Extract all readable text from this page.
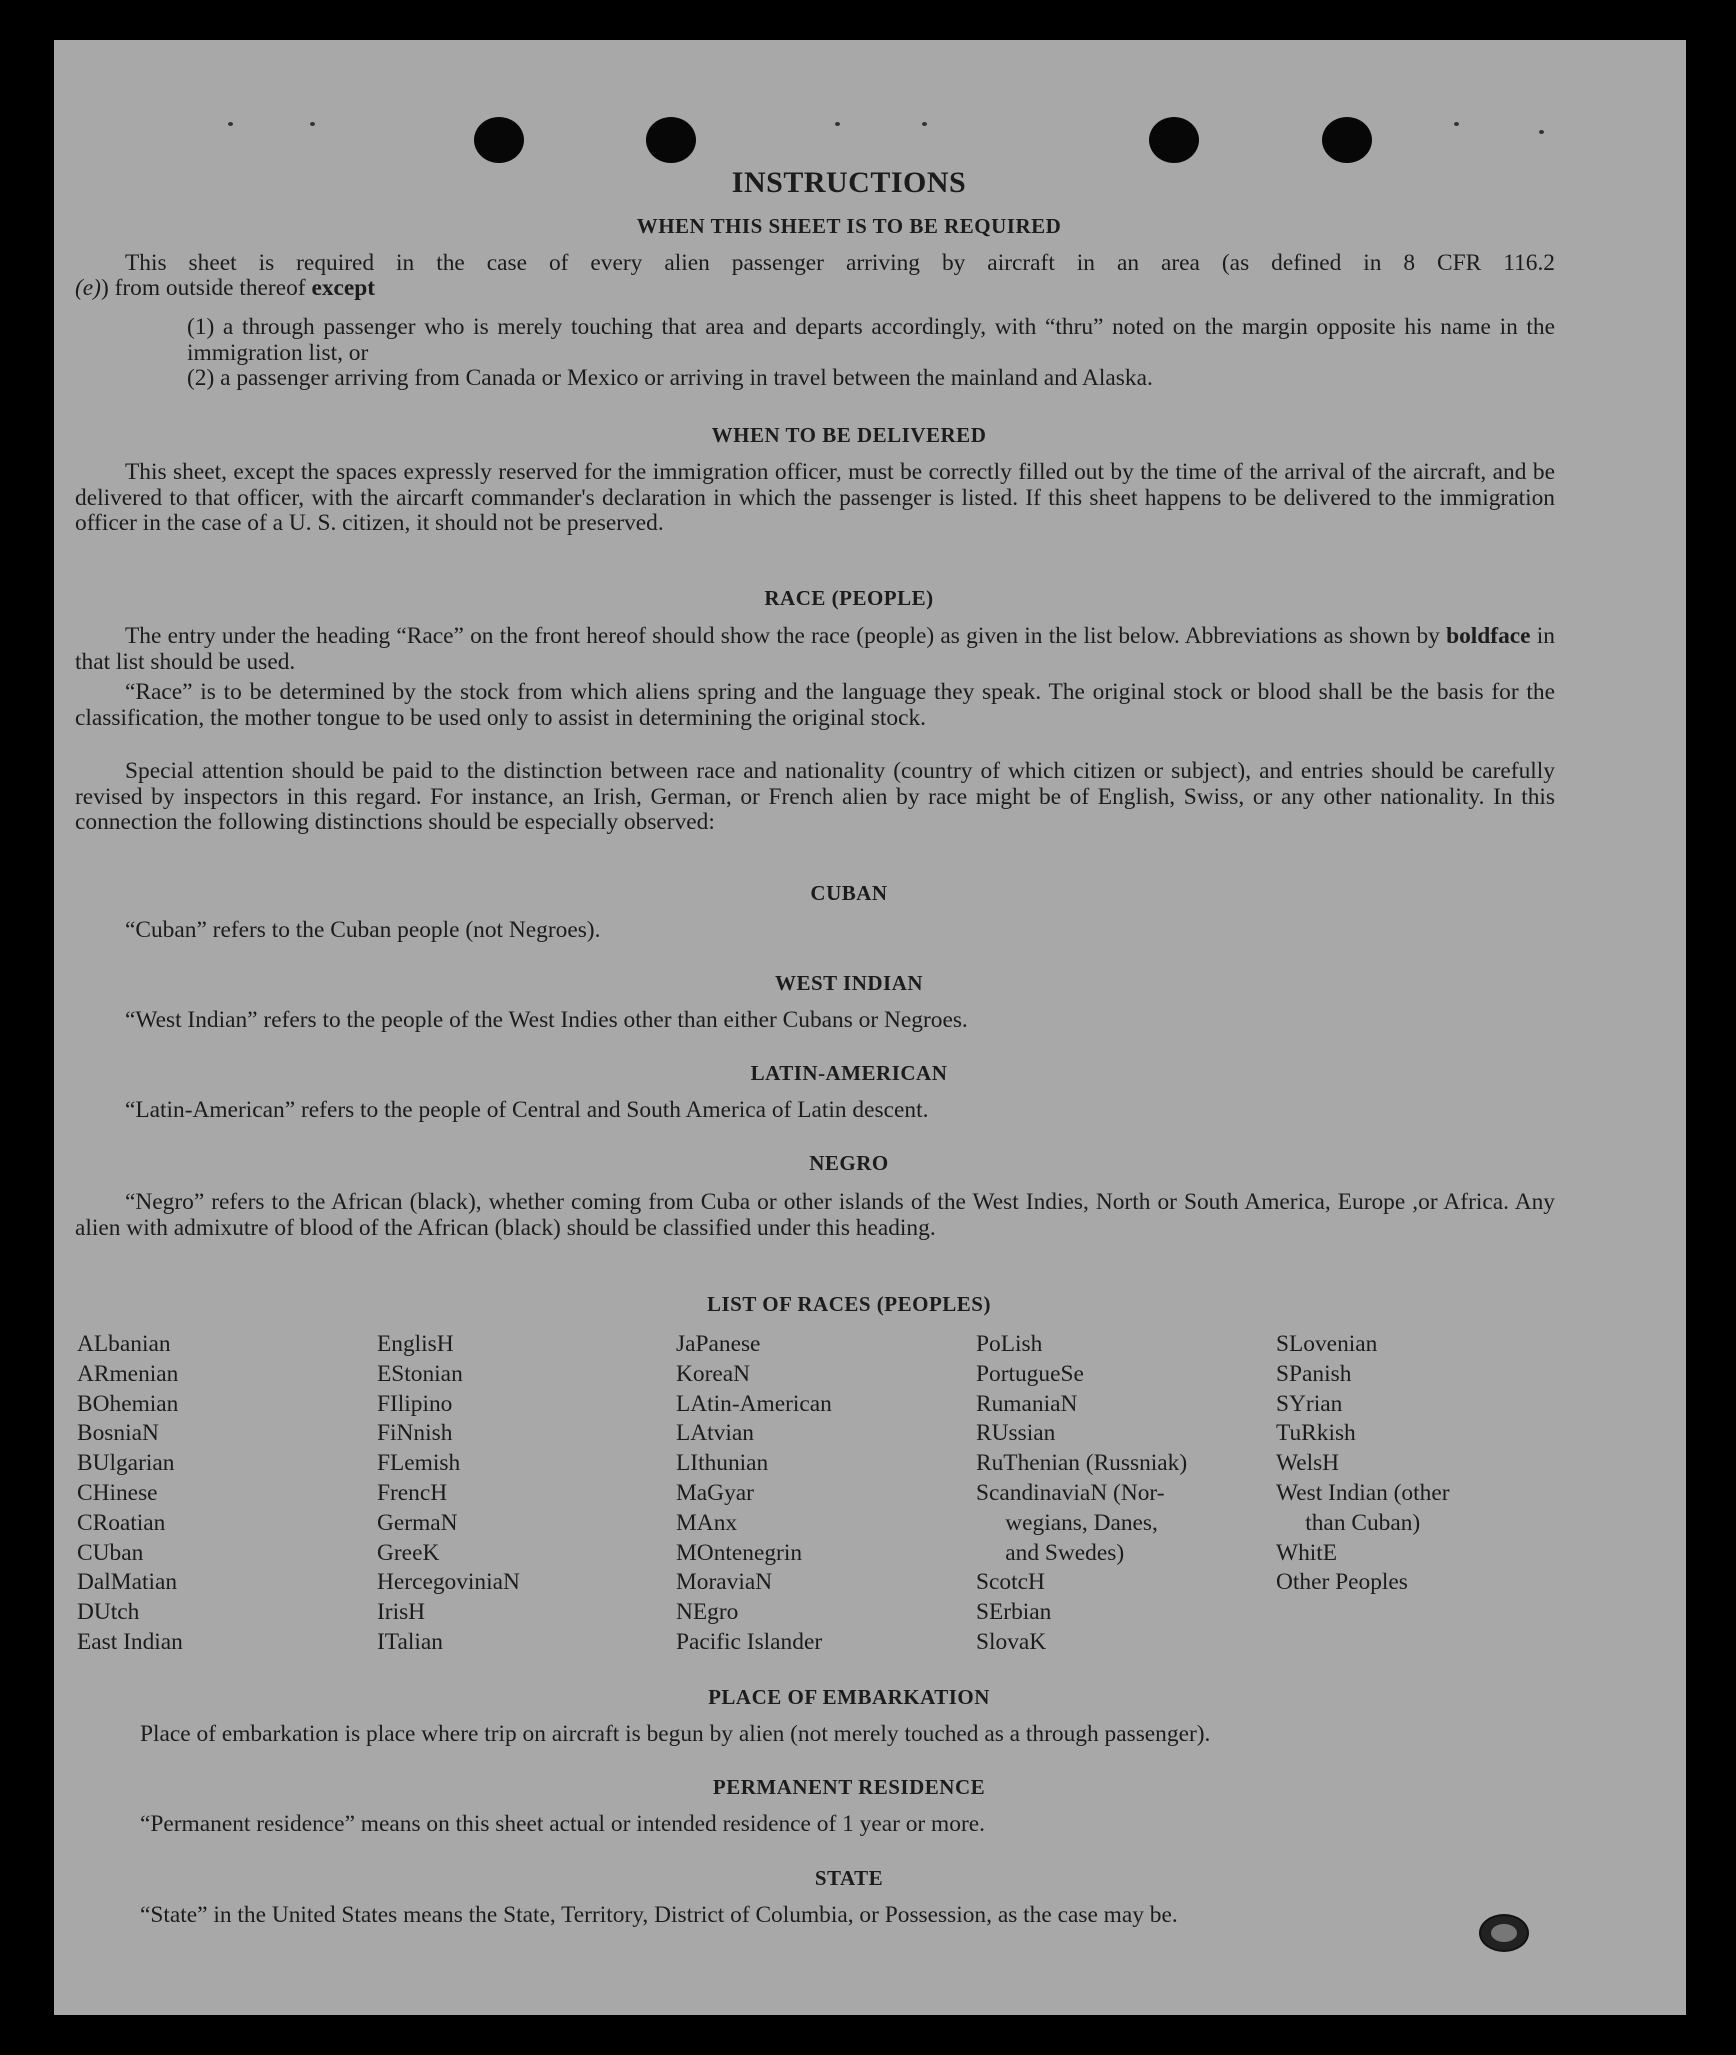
INSTRUCTIONS
WHEN THIS SHEET IS TO BE REQUIRED

This sheet is required in the case of every alien passenger arriving by aircraft in an area (as defined in 8 CFR 116.2

(e)) from outside thereof except

(1) a through passenger who is merely touching that area and departs accordingly, with “thru” noted on the margin opposite his name in the immigration list, or

(2) a passenger arriving from Canada or Mexico or arriving in travel between the mainland and Alaska.

WHEN TO BE DELIVERED

This sheet, except the spaces expressly reserved for the immigration officer, must be correctly filled out by the time of the arrival of the aircraft, and be delivered to that officer, with the aircarft commander's declaration in which the passenger is listed. If this sheet happens to be delivered to the immigration officer in the case of a U. S. citizen, it should not be preserved.

RACE (PEOPLE)

The entry under the heading “Race” on the front hereof should show the race (people) as given in the list below. Abbreviations as shown by boldface in that list should be used.

“Race” is to be determined by the stock from which aliens spring and the language they speak. The original stock or blood shall be the basis for the classification, the mother tongue to be used only to assist in determining the original stock.

Special attention should be paid to the distinction between race and nationality (country of which citizen or subject), and entries should be carefully revised by inspectors in this regard. For instance, an Irish, German, or French alien by race might be of English, Swiss, or any other nationality. In this connection the following distinctions should be especially observed:

CUBAN

“Cuban” refers to the Cuban people (not Negroes).

WEST INDIAN

“West Indian” refers to the people of the West Indies other than either Cubans or Negroes.

LATIN-AMERICAN

“Latin-American” refers to the people of Central and South America of Latin descent.

NEGRO

“Negro” refers to the African (black), whether coming from Cuba or other islands of the West Indies, North or South America, Europe ,or Africa. Any alien with admixutre of blood of the African (black) should be classified under this heading.

LIST OF RACES (PEOPLES)
ALbanian
ARmenian
BOhemian
BosniaN
BUlgarian
CHinese
CRoatian
CUban
DalMatian
DUtch
East Indian
EnglisH
EStonian
FIlipino
FiNnish
FLemish
FrencH
GermaN
GreeK
HercegoviniaN
IrisH
ITalian
JaPanese
KoreaN
LAtin-American
LAtvian
LIthunian
MaGyar
MAnx
MOntenegrin
MoraviaN
NEgro
Pacific Islander
PoLish
PortugueSe
RumaniaN
RUssian
RuThenian (Russniak)
ScandinaviaN (Nor-
wegians, Danes,
and Swedes)
ScotcH
SErbian
SlovaK
SLovenian
SPanish
SYrian
TuRkish
WelsH
West Indian (other
than Cuban)
WhitE
Other Peoples
PLACE OF EMBARKATION

Place of embarkation is place where trip on aircraft is begun by alien (not merely touched as a through passenger).

PERMANENT RESIDENCE

“Permanent residence” means on this sheet actual or intended residence of 1 year or more.

STATE

“State” in the United States means the State, Territory, District of Columbia, or Possession, as the case may be.
